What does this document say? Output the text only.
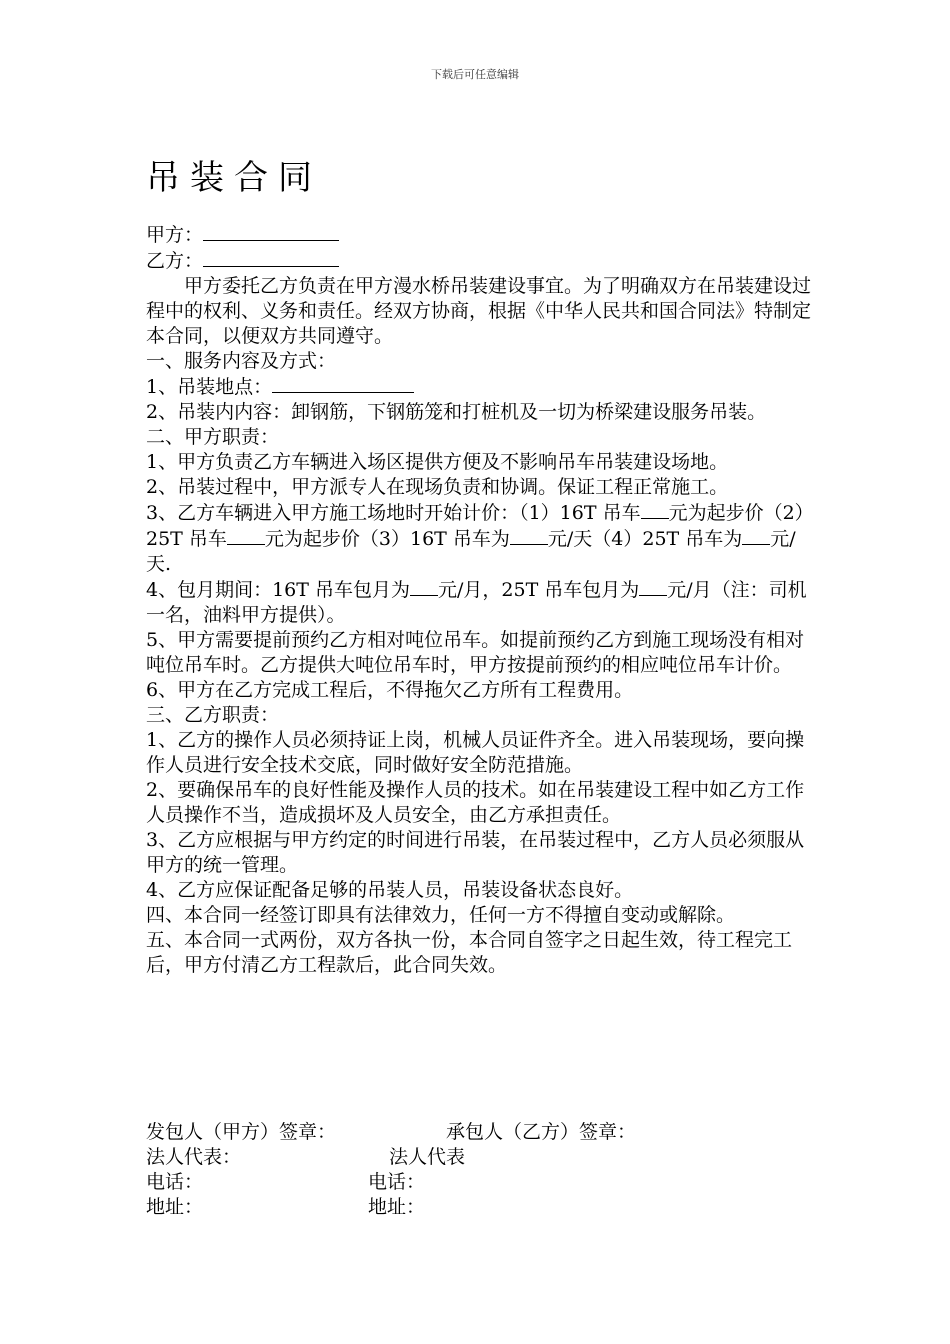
下载后可任意编辑
吊装合同

甲方：

乙方：

甲方委托乙方负责在甲方漫水桥吊装建设事宜。为了明确双方在吊装建设过程中的权利、义务和责任。经双方协商，根据《中华人民共和国合同法》特制定本合同，以便双方共同遵守。

一、服务内容及方式：

1、吊装地点：

2、吊装内内容：卸钢筋，下钢筋笼和打桩机及一切为桥梁建设服务吊装。

二、甲方职责：

1、甲方负责乙方车辆进入场区提供方便及不影响吊车吊装建设场地。

2、吊装过程中，甲方派专人在现场负责和协调。保证工程正常施工。

3、乙方车辆进入甲方施工场地时开始计价：（1）16T 吊车 元为起步价（2）25T 吊车 元为起步价（3）16T 吊车为 元/天（4）25T 吊车为 元/天.

4、包月期间：16T 吊车包月为 元/月，25T 吊车包月为 元/月（注：司机一名，油料甲方提供）。

5、甲方需要提前预约乙方相对吨位吊车。如提前预约乙方到施工现场没有相对吨位吊车时。乙方提供大吨位吊车时，甲方按提前预约的相应吨位吊车计价。

6、甲方在乙方完成工程后，不得拖欠乙方所有工程费用。

三、乙方职责：

1、乙方的操作人员必须持证上岗，机械人员证件齐全。进入吊装现场，要向操作人员进行安全技术交底，同时做好安全防范措施。

2、要确保吊车的良好性能及操作人员的技术。如在吊装建设工程中如乙方工作人员操作不当，造成损坏及人员安全，由乙方承担责任。

3、乙方应根据与甲方约定的时间进行吊装，在吊装过程中，乙方人员必须服从甲方的统一管理。

4、乙方应保证配备足够的吊装人员，吊装设备状态良好。

四、本合同一经签订即具有法律效力，任何一方不得擅自变动或解除。

五、本合同一式两份，双方各执一份，本合同自签字之日起生效，待工程完工后，甲方付清乙方工程款后，此合同失效。

发包人（甲方）签章：	承包人（乙方）签章：
法人代表：	法人代表
电话：	电话：
地址：	地址：
